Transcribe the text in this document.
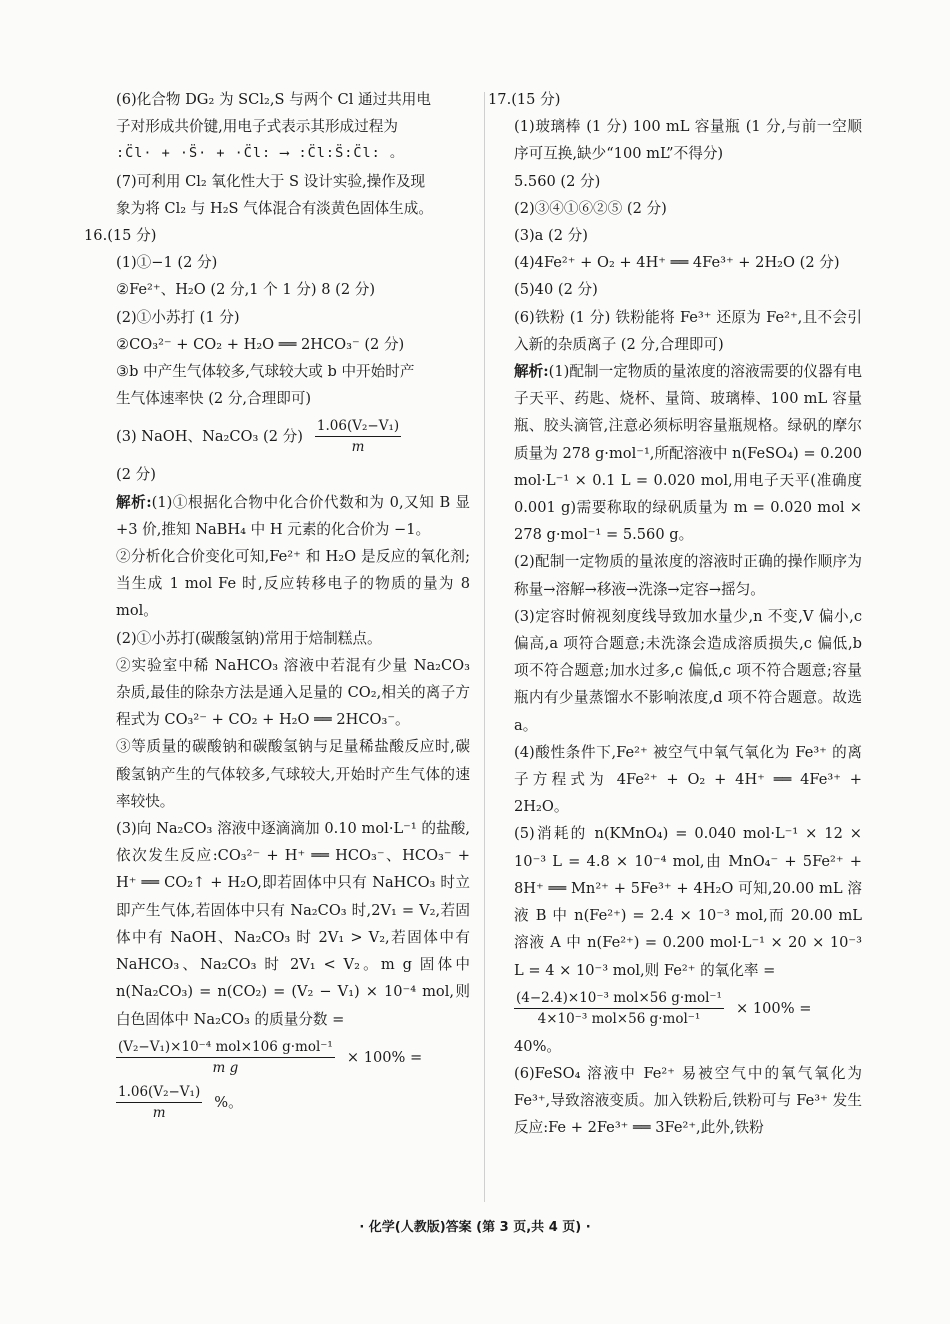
(6)化合物 DG₂ 为 SCl₂,S 与两个 Cl 通过共用电
子对形成共价键,用电子式表示其形成过程为
:C̈l· + ·S̈· + ·C̈l: ⟶ :C̈l:S̈:C̈l: 。
(7)可利用 Cl₂ 氧化性大于 S 设计实验,操作及现
象为将 Cl₂ 与 H₂S 气体混合有淡黄色固体生成。
16.(15 分)
(1)①−1 (2 分)
②Fe²⁺、H₂O (2 分,1 个 1 分) 8 (2 分)
(2)①小苏打 (1 分)
②CO₃²⁻ + CO₂ + H₂O ══ 2HCO₃⁻ (2 分)
③b 中产生气体较多,气球较大或 b 中开始时产
生气体速率快 (2 分,合理即可)
(3) NaOH、Na₂CO₃ (2 分) $\frac{\text{1.06(V₂−V₁)}}{m}$
(2 分)
解析:(1)①根据化合物中化合价代数和为 0,又知 B 显 +3 价,推知 NaBH₄ 中 H 元素的化合价为 −1。
②分析化合价变化可知,Fe²⁺ 和 H₂O 是反应的氧化剂;当生成 1 mol Fe 时,反应转移电子的物质的量为 8 mol。
(2)①小苏打(碳酸氢钠)常用于焙制糕点。
②实验室中稀 NaHCO₃ 溶液中若混有少量 Na₂CO₃ 杂质,最佳的除杂方法是通入足量的 CO₂,相关的离子方程式为 CO₃²⁻ + CO₂ + H₂O ══ 2HCO₃⁻。
③等质量的碳酸钠和碳酸氢钠与足量稀盐酸反应时,碳酸氢钠产生的气体较多,气球较大,开始时产生气体的速率较快。
(3)向 Na₂CO₃ 溶液中逐滴滴加 0.10 mol·L⁻¹ 的盐酸,依次发生反应:CO₃²⁻ + H⁺ ══ HCO₃⁻、HCO₃⁻ + H⁺ ══ CO₂↑ + H₂O,即若固体中只有 NaHCO₃ 时立即产生气体,若固体中只有 Na₂CO₃ 时,2V₁ = V₂,若固体中有 NaOH、Na₂CO₃ 时 2V₁ > V₂,若固体中有 NaHCO₃、Na₂CO₃ 时 2V₁ < V₂。m g 固体中 n(Na₂CO₃) = n(CO₂) = (V₂ − V₁) × 10⁻⁴ mol,则白色固体中 Na₂CO₃ 的质量分数 =
$\frac{\text{(V₂−V₁)×10⁻⁴ mol×106 g·mol⁻¹}}{\text{m g}} \times 100\%$ =
$\frac{\text{1.06(V₂−V₁)}}{m}$ %。
17.(15 分)
(1)玻璃棒 (1 分) 100 mL 容量瓶 (1 分,与前一空顺序可互换,缺少“100 mL”不得分)
5.560 (2 分)
(2)③④①⑥②⑤ (2 分)
(3)a (2 分)
(4)4Fe²⁺ + O₂ + 4H⁺ ══ 4Fe³⁺ + 2H₂O (2 分)
(5)40 (2 分)
(6)铁粉 (1 分) 铁粉能将 Fe³⁺ 还原为 Fe²⁺,且不会引入新的杂质离子 (2 分,合理即可)
解析:(1)配制一定物质的量浓度的溶液需要的仪器有电子天平、药匙、烧杯、量筒、玻璃棒、100 mL 容量瓶、胶头滴管,注意必须标明容量瓶规格。绿矾的摩尔质量为 278 g·mol⁻¹,所配溶液中 n(FeSO₄) = 0.200 mol·L⁻¹ × 0.1 L = 0.020 mol,用电子天平(准确度 0.001 g)需要称取的绿矾质量为 m = 0.020 mol × 278 g·mol⁻¹ = 5.560 g。
(2)配制一定物质的量浓度的溶液时正确的操作顺序为称量→溶解→移液→洗涤→定容→摇匀。
(3)定容时俯视刻度线导致加水量少,n 不变,V 偏小,c 偏高,a 项符合题意;未洗涤会造成溶质损失,c 偏低,b 项不符合题意;加水过多,c 偏低,c 项不符合题意;容量瓶内有少量蒸馏水不影响浓度,d 项不符合题意。故选 a。
(4)酸性条件下,Fe²⁺ 被空气中氧气氧化为 Fe³⁺ 的离子方程式为 4Fe²⁺ + O₂ + 4H⁺ ══ 4Fe³⁺ + 2H₂O。
(5)消耗的 n(KMnO₄) = 0.040 mol·L⁻¹ × 12 × 10⁻³ L = 4.8 × 10⁻⁴ mol,由 MnO₄⁻ + 5Fe²⁺ + 8H⁺ ══ Mn²⁺ + 5Fe³⁺ + 4H₂O 可知,20.00 mL 溶液 B 中 n(Fe²⁺) = 2.4 × 10⁻³ mol,而 20.00 mL 溶液 A 中 n(Fe²⁺) = 0.200 mol·L⁻¹ × 20 × 10⁻³ L = 4 × 10⁻³ mol,则 Fe²⁺ 的氧化率 =
$\frac{\text{(4−2.4)×10⁻³ mol×56 g·mol⁻¹}}{\text{4×10⁻³ mol×56 g·mol⁻¹}} \times 100\%$ =
40%。
(6)FeSO₄ 溶液中 Fe²⁺ 易被空气中的氧气氧化为 Fe³⁺,导致溶液变质。加入铁粉后,铁粉可与 Fe³⁺ 发生反应:Fe + 2Fe³⁺ ══ 3Fe²⁺,此外,铁粉
· 化学(人教版)答案 (第 3 页,共 4 页) ·
